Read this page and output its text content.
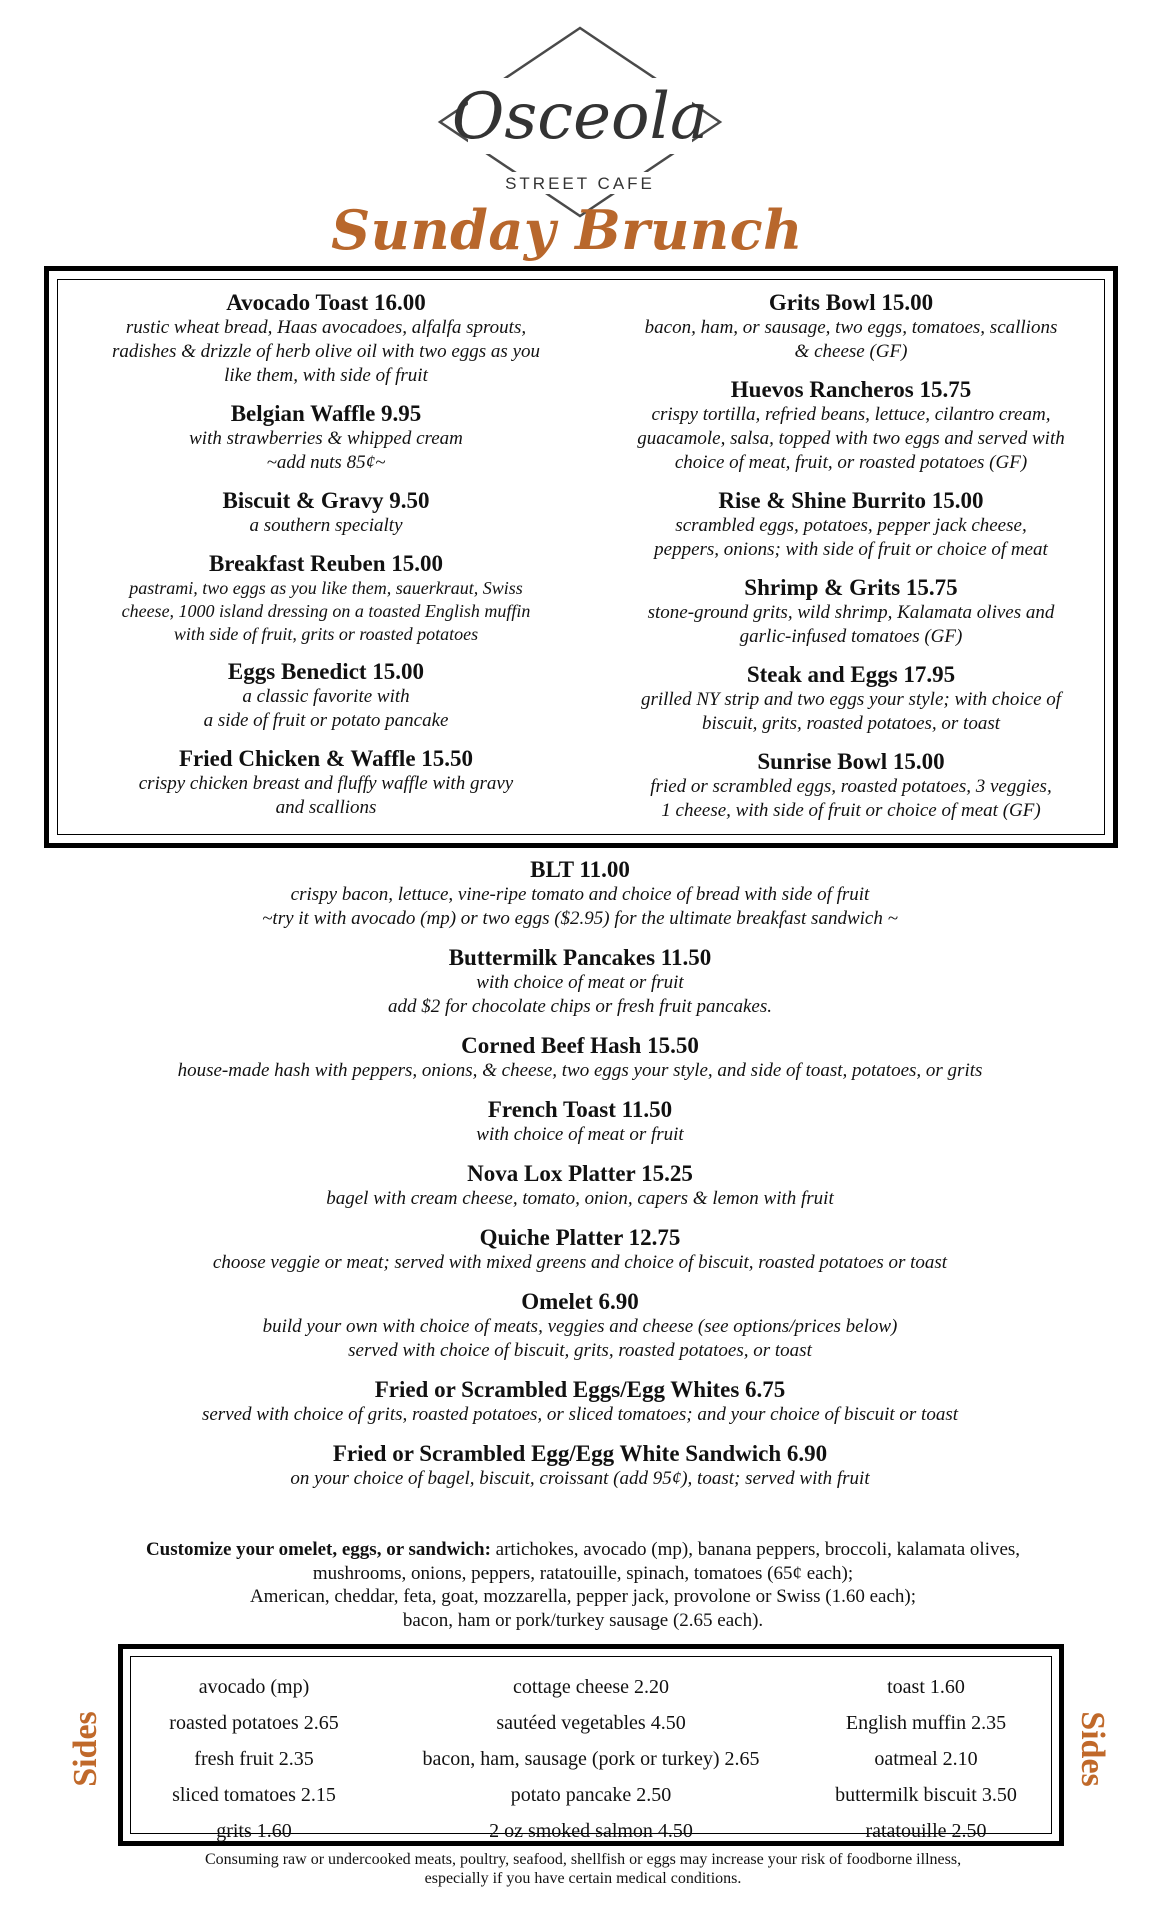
Osceola
STREET CAFE
Sunday Brunch
Avocado Toast 16.00
rustic wheat bread, Haas avocadoes, alfalfa sprouts,
radishes & drizzle of herb olive oil with two eggs as you
like them, with side of fruit
Belgian Waffle 9.95
with strawberries & whipped cream
~add nuts 85¢~
Biscuit & Gravy 9.50
a southern specialty
Breakfast Reuben 15.00
pastrami, two eggs as you like them, sauerkraut, Swiss
cheese, 1000 island dressing on a toasted English muffin
with side of fruit, grits or roasted potatoes
Eggs Benedict 15.00
a classic favorite with
a side of fruit or potato pancake
Fried Chicken & Waffle 15.50
crispy chicken breast and fluffy waffle with gravy
and scallions
Grits Bowl 15.00
bacon, ham, or sausage, two eggs, tomatoes, scallions
& cheese (GF)
Huevos Rancheros 15.75
crispy tortilla, refried beans, lettuce, cilantro cream,
guacamole, salsa, topped with two eggs and served with
choice of meat, fruit, or roasted potatoes (GF)
Rise & Shine Burrito 15.00
scrambled eggs, potatoes, pepper jack cheese,
peppers, onions; with side of fruit or choice of meat
Shrimp & Grits 15.75
stone-ground grits, wild shrimp, Kalamata olives and
garlic-infused tomatoes (GF)
Steak and Eggs 17.95
grilled NY strip and two eggs your style; with choice of
biscuit, grits, roasted potatoes, or toast
Sunrise Bowl 15.00
fried or scrambled eggs, roasted potatoes, 3 veggies,
1 cheese, with side of fruit or choice of meat (GF)
BLT 11.00
crispy bacon, lettuce, vine-ripe tomato and choice of bread with side of fruit
~try it with avocado (mp) or two eggs ($2.95) for the ultimate breakfast sandwich ~
Buttermilk Pancakes 11.50
with choice of meat or fruit
add $2 for chocolate chips or fresh fruit pancakes.
Corned Beef Hash 15.50
house-made hash with peppers, onions, & cheese, two eggs your style, and side of toast, potatoes, or grits
French Toast 11.50
with choice of meat or fruit
Nova Lox Platter 15.25
bagel with cream cheese, tomato, onion, capers & lemon with fruit
Quiche Platter 12.75
choose veggie or meat; served with mixed greens and choice of biscuit, roasted potatoes or toast
Omelet 6.90
build your own with choice of meats, veggies and cheese (see options/prices below)
served with choice of biscuit, grits, roasted potatoes, or toast
Fried or Scrambled Eggs/Egg Whites 6.75
served with choice of grits, roasted potatoes, or sliced tomatoes; and your choice of biscuit or toast
Fried or Scrambled Egg/Egg White Sandwich 6.90
on your choice of bagel, biscuit, croissant (add 95¢), toast; served with fruit
Customize your omelet, eggs, or sandwich: artichokes, avocado (mp), banana peppers, broccoli, kalamata olives,
mushrooms, onions, peppers, ratatouille, spinach, tomatoes (65¢ each);
American, cheddar, feta, goat, mozzarella, pepper jack, provolone or Swiss (1.60 each);
bacon, ham or pork/turkey sausage (2.65 each).
Sides	Sides
avocado (mp)
roasted potatoes 2.65
fresh fruit 2.35
sliced tomatoes 2.15
grits 1.60
cottage cheese 2.20
sautéed vegetables 4.50
bacon, ham, sausage (pork or turkey) 2.65
potato pancake 2.50
2 oz smoked salmon 4.50
toast 1.60
English muffin 2.35
oatmeal 2.10
buttermilk biscuit 3.50
ratatouille 2.50
Consuming raw or undercooked meats, poultry, seafood, shellfish or eggs may increase your risk of foodborne illness,
especially if you have certain medical conditions.
